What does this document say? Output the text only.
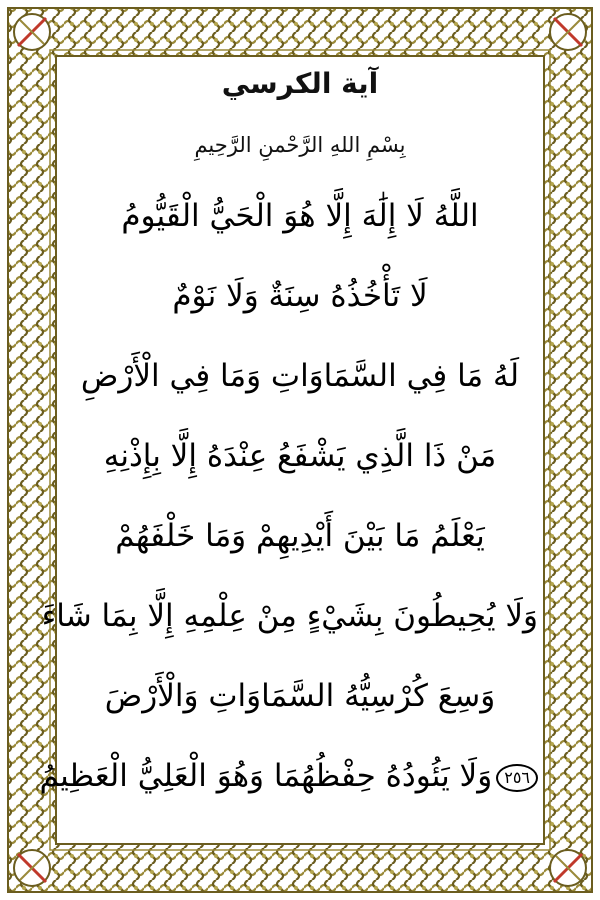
آية الكرسي
بِسْمِ اللهِ الرَّحْمنِ الرَّحِيمِ
اللَّهُ لَا إِلَٰهَ إِلَّا هُوَ الْحَيُّ الْقَيُّومُ
لَا تَأْخُذُهُ سِنَةٌ وَلَا نَوْمٌ
لَهُ مَا فِي السَّمَاوَاتِ وَمَا فِي الْأَرْضِ
مَنْ ذَا الَّذِي يَشْفَعُ عِنْدَهُ إِلَّا بِإِذْنِهِ
يَعْلَمُ مَا بَيْنَ أَيْدِيهِمْ وَمَا خَلْفَهُمْ
وَلَا يُحِيطُونَ بِشَيْءٍ مِنْ عِلْمِهِ إِلَّا بِمَا شَاءَ
وَسِعَ كُرْسِيُّهُ السَّمَاوَاتِ وَالْأَرْضَ
٢٥٦وَلَا يَئُودُهُ حِفْظُهُمَا وَهُوَ الْعَلِيُّ الْعَظِيمُ
